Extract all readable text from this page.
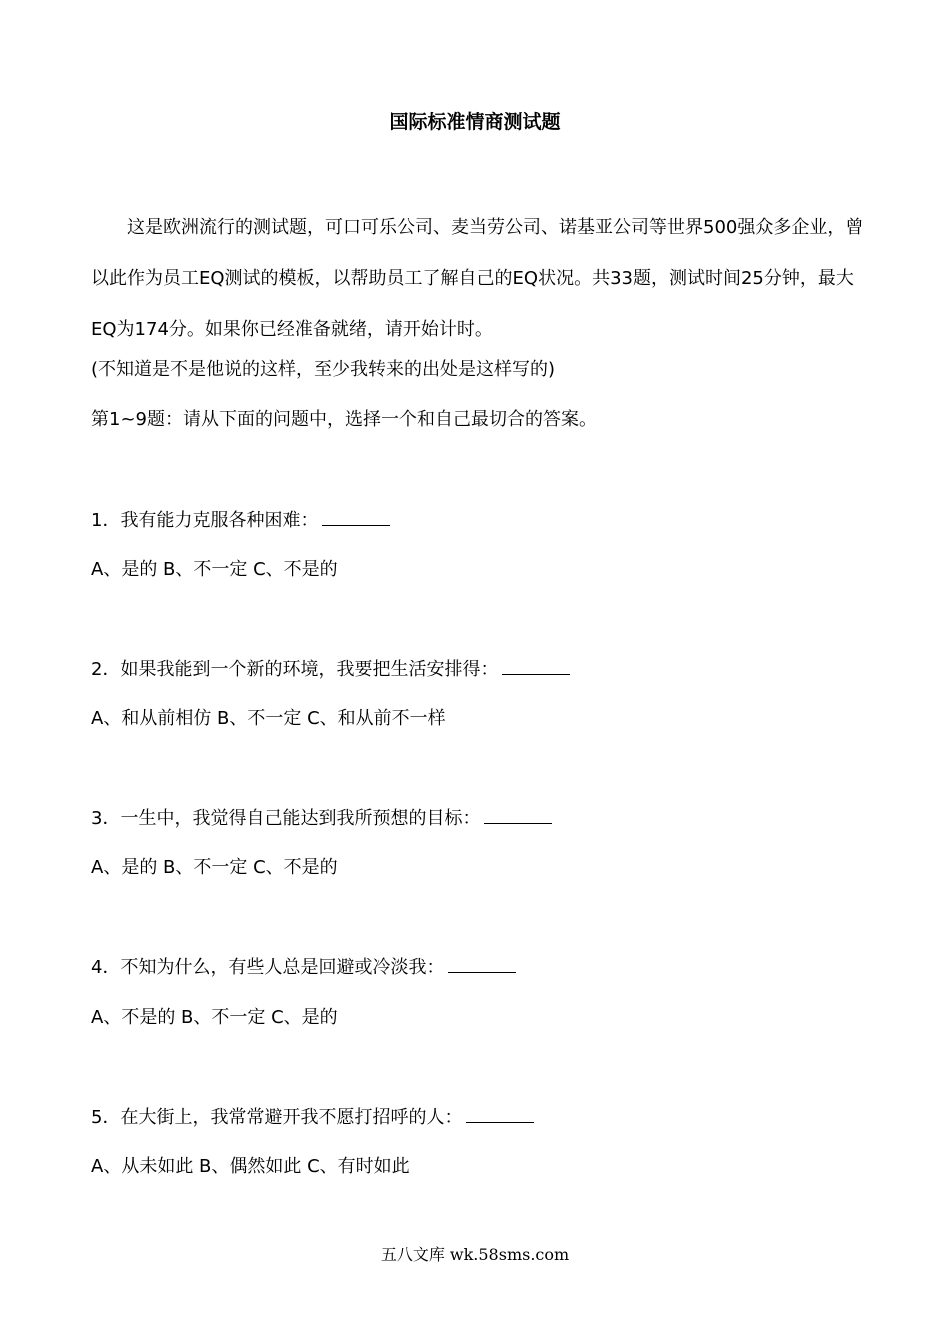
国际标准情商测试题

这是欧洲流行的测试题，可口可乐公司、麦当劳公司、诺基亚公司等世界500强众多企业，曾以此作为员工EQ测试的模板，以帮助员工了解自己的EQ状况。共33题，测试时间25分钟，最大EQ为174分。如果你已经准备就绪，请开始计时。

(不知道是不是他说的这样，至少我转来的出处是这样写的)
第1~9题：请从下面的问题中，选择一个和自己最切合的答案。
1．我有能力克服各种困难：
A、是的 B、不一定 C、不是的
2．如果我能到一个新的环境，我要把生活安排得：
A、和从前相仿 B、不一定 C、和从前不一样
3．一生中，我觉得自己能达到我所预想的目标：
A、是的 B、不一定 C、不是的
4．不知为什么，有些人总是回避或冷淡我：
A、不是的 B、不一定 C、是的
5．在大街上，我常常避开我不愿打招呼的人：
A、从未如此 B、偶然如此 C、有时如此
五八文库 wk.58sms.com
